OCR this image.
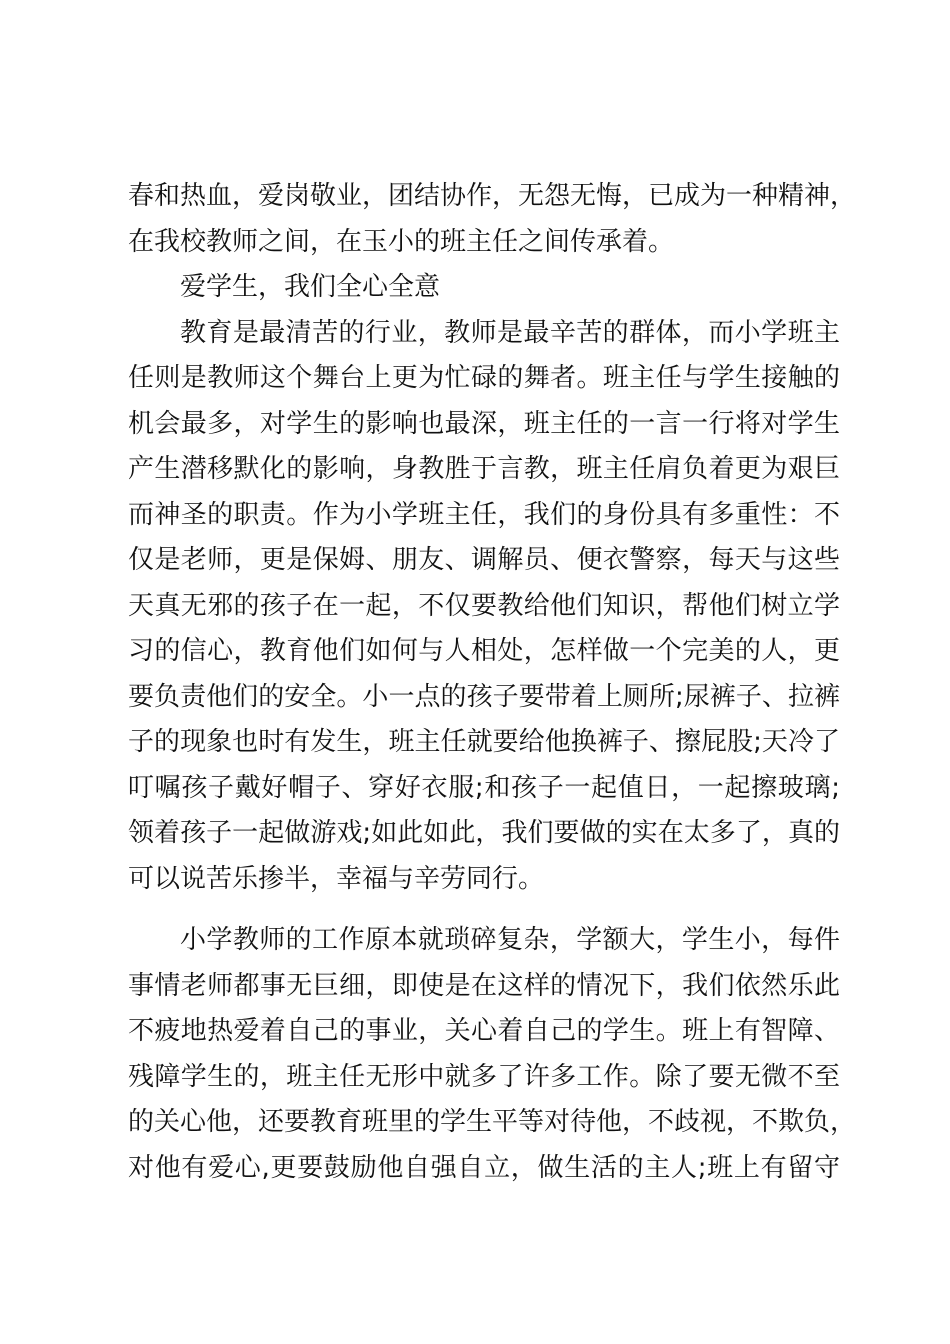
春和热血，爱岗敬业，团结协作，无怨无悔，已成为一种精神，

在我校教师之间，在玉小的班主任之间传承着。

爱学生，我们全心全意

教育是最清苦的行业，教师是最辛苦的群体，而小学班主

任则是教师这个舞台上更为忙碌的舞者。班主任与学生接触的

机会最多，对学生的影响也最深，班主任的一言一行将对学生

产生潜移默化的影响，身教胜于言教，班主任肩负着更为艰巨

而神圣的职责。作为小学班主任，我们的身份具有多重性：不

仅是老师，更是保姆、朋友、调解员、便衣警察，每天与这些

天真无邪的孩子在一起，不仅要教给他们知识，帮他们树立学

习的信心，教育他们如何与人相处，怎样做一个完美的人，更

要负责他们的安全。小一点的孩子要带着上厕所;尿裤子、拉裤

子的现象也时有发生，班主任就要给他换裤子、擦屁股;天冷了

叮嘱孩子戴好帽子、穿好衣服;和孩子一起值日，一起擦玻璃;

领着孩子一起做游戏;如此如此，我们要做的实在太多了，真的

可以说苦乐掺半，幸福与辛劳同行。

小学教师的工作原本就琐碎复杂，学额大，学生小，每件

事情老师都事无巨细，即使是在这样的情况下，我们依然乐此

不疲地热爱着自己的事业，关心着自己的学生。班上有智障、

残障学生的，班主任无形中就多了许多工作。除了要无微不至

的关心他，还要教育班里的学生平等对待他，不歧视，不欺负，

对他有爱心,更要鼓励他自强自立，做生活的主人;班上有留守
